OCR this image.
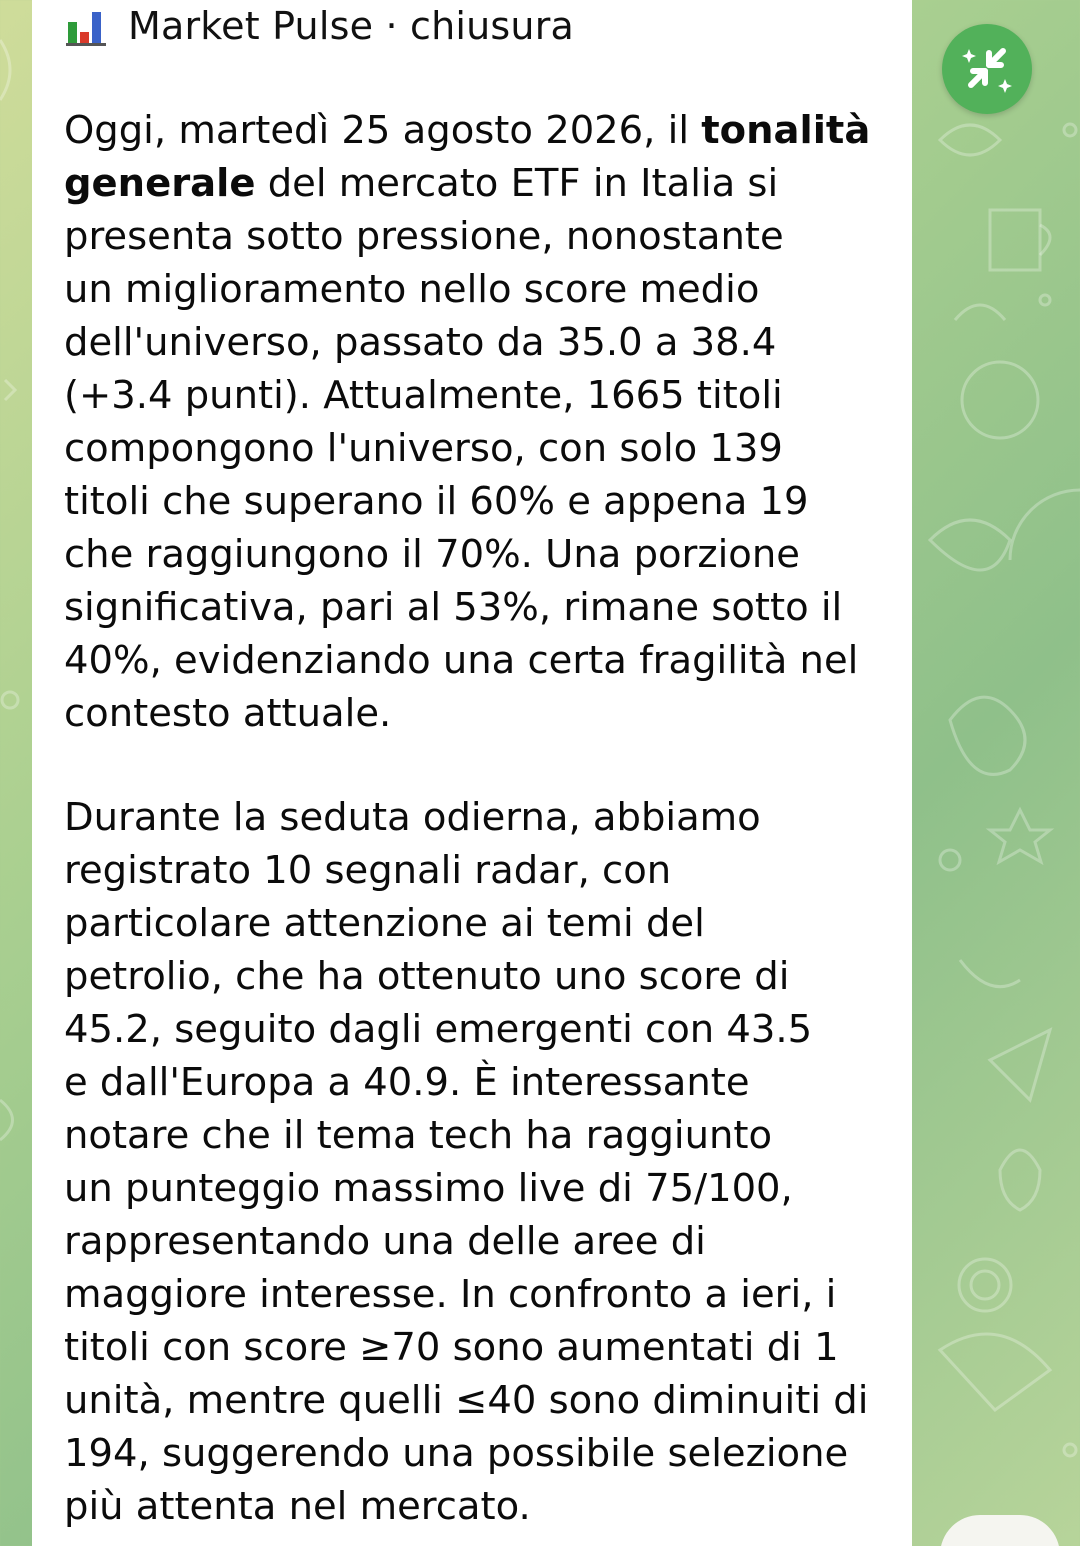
Market Pulse · chiusura
Oggi, martedì 25 agosto 2026, il tonalità
generale del mercato ETF in Italia si
presenta sotto pressione, nonostante
un miglioramento nello score medio
dell'universo, passato da 35.0 a 38.4
(+3.4 punti). Attualmente, 1665 titoli
compongono l'universo, con solo 139
titoli che superano il 60% e appena 19
che raggiungono il 70%. Una porzione
significativa, pari al 53%, rimane sotto il
40%, evidenziando una certa fragilità nel
contesto attuale.
Durante la seduta odierna, abbiamo
registrato 10 segnali radar, con
particolare attenzione ai temi del
petrolio, che ha ottenuto uno score di
45.2, seguito dagli emergenti con 43.5
e dall'Europa a 40.9. È interessante
notare che il tema tech ha raggiunto
un punteggio massimo live di 75/100,
rappresentando una delle aree di
maggiore interesse. In confronto a ieri, i
titoli con score ≥70 sono aumentati di 1
unità, mentre quelli ≤40 sono diminuiti di
194, suggerendo una possibile selezione
più attenta nel mercato.
